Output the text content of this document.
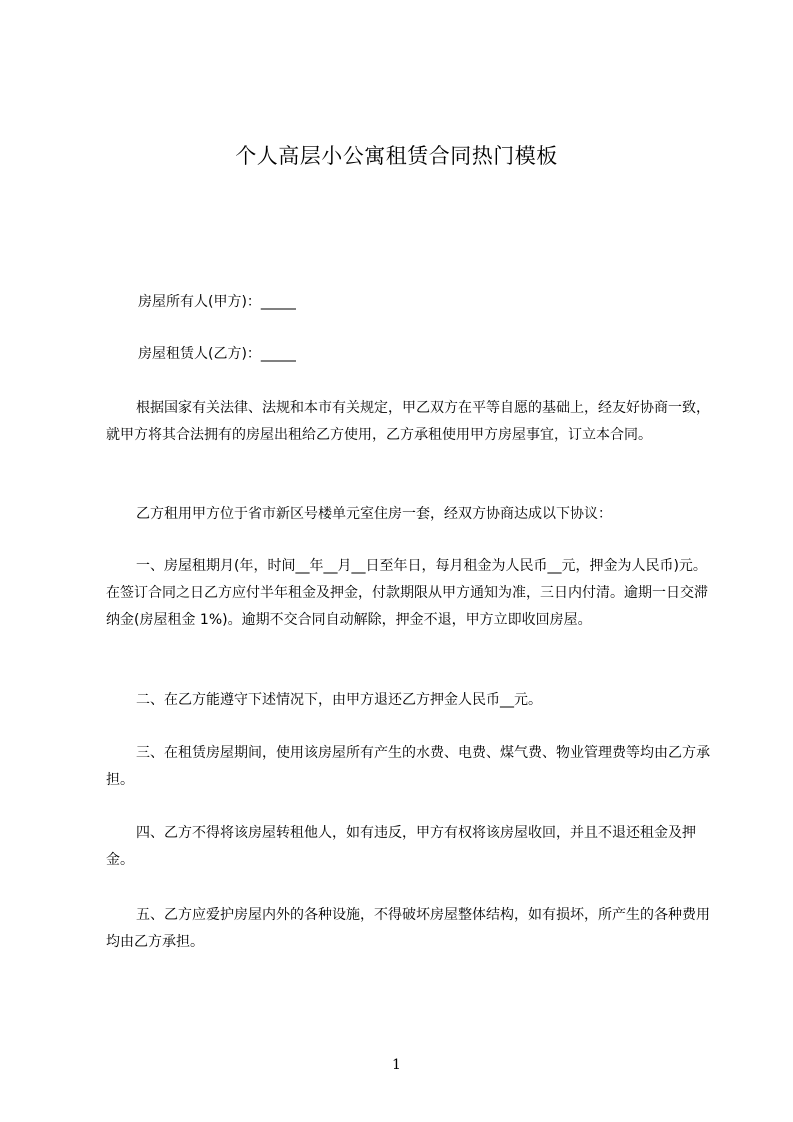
个人高层小公寓租赁合同热门模板
房屋所有人(甲方)：_____
房屋租赁人(乙方)：_____
根据国家有关法律、法规和本市有关规定，甲乙双方在平等自愿的基础上，经友好协商一致，就甲方将其合法拥有的房屋出租给乙方使用，乙方承租使用甲方房屋事宜，订立本合同。
乙方租用甲方位于省市新区号楼单元室住房一套，经双方协商达成以下协议：
一、房屋租期月(年，时间__年__月__日至年日，每月租金为人民币__元，押金为人民币)元。在签订合同之日乙方应付半年租金及押金，付款期限从甲方通知为准，三日内付清。逾期一日交滞纳金(房屋租金 1%)。逾期不交合同自动解除，押金不退，甲方立即收回房屋。
二、在乙方能遵守下述情况下，由甲方退还乙方押金人民币__元。
三、在租赁房屋期间，使用该房屋所有产生的水费、电费、煤气费、物业管理费等均由乙方承担。
四、乙方不得将该房屋转租他人，如有违反，甲方有权将该房屋收回，并且不退还租金及押金。
五、乙方应爱护房屋内外的各种设施，不得破坏房屋整体结构，如有损坏，所产生的各种费用均由乙方承担。
1
